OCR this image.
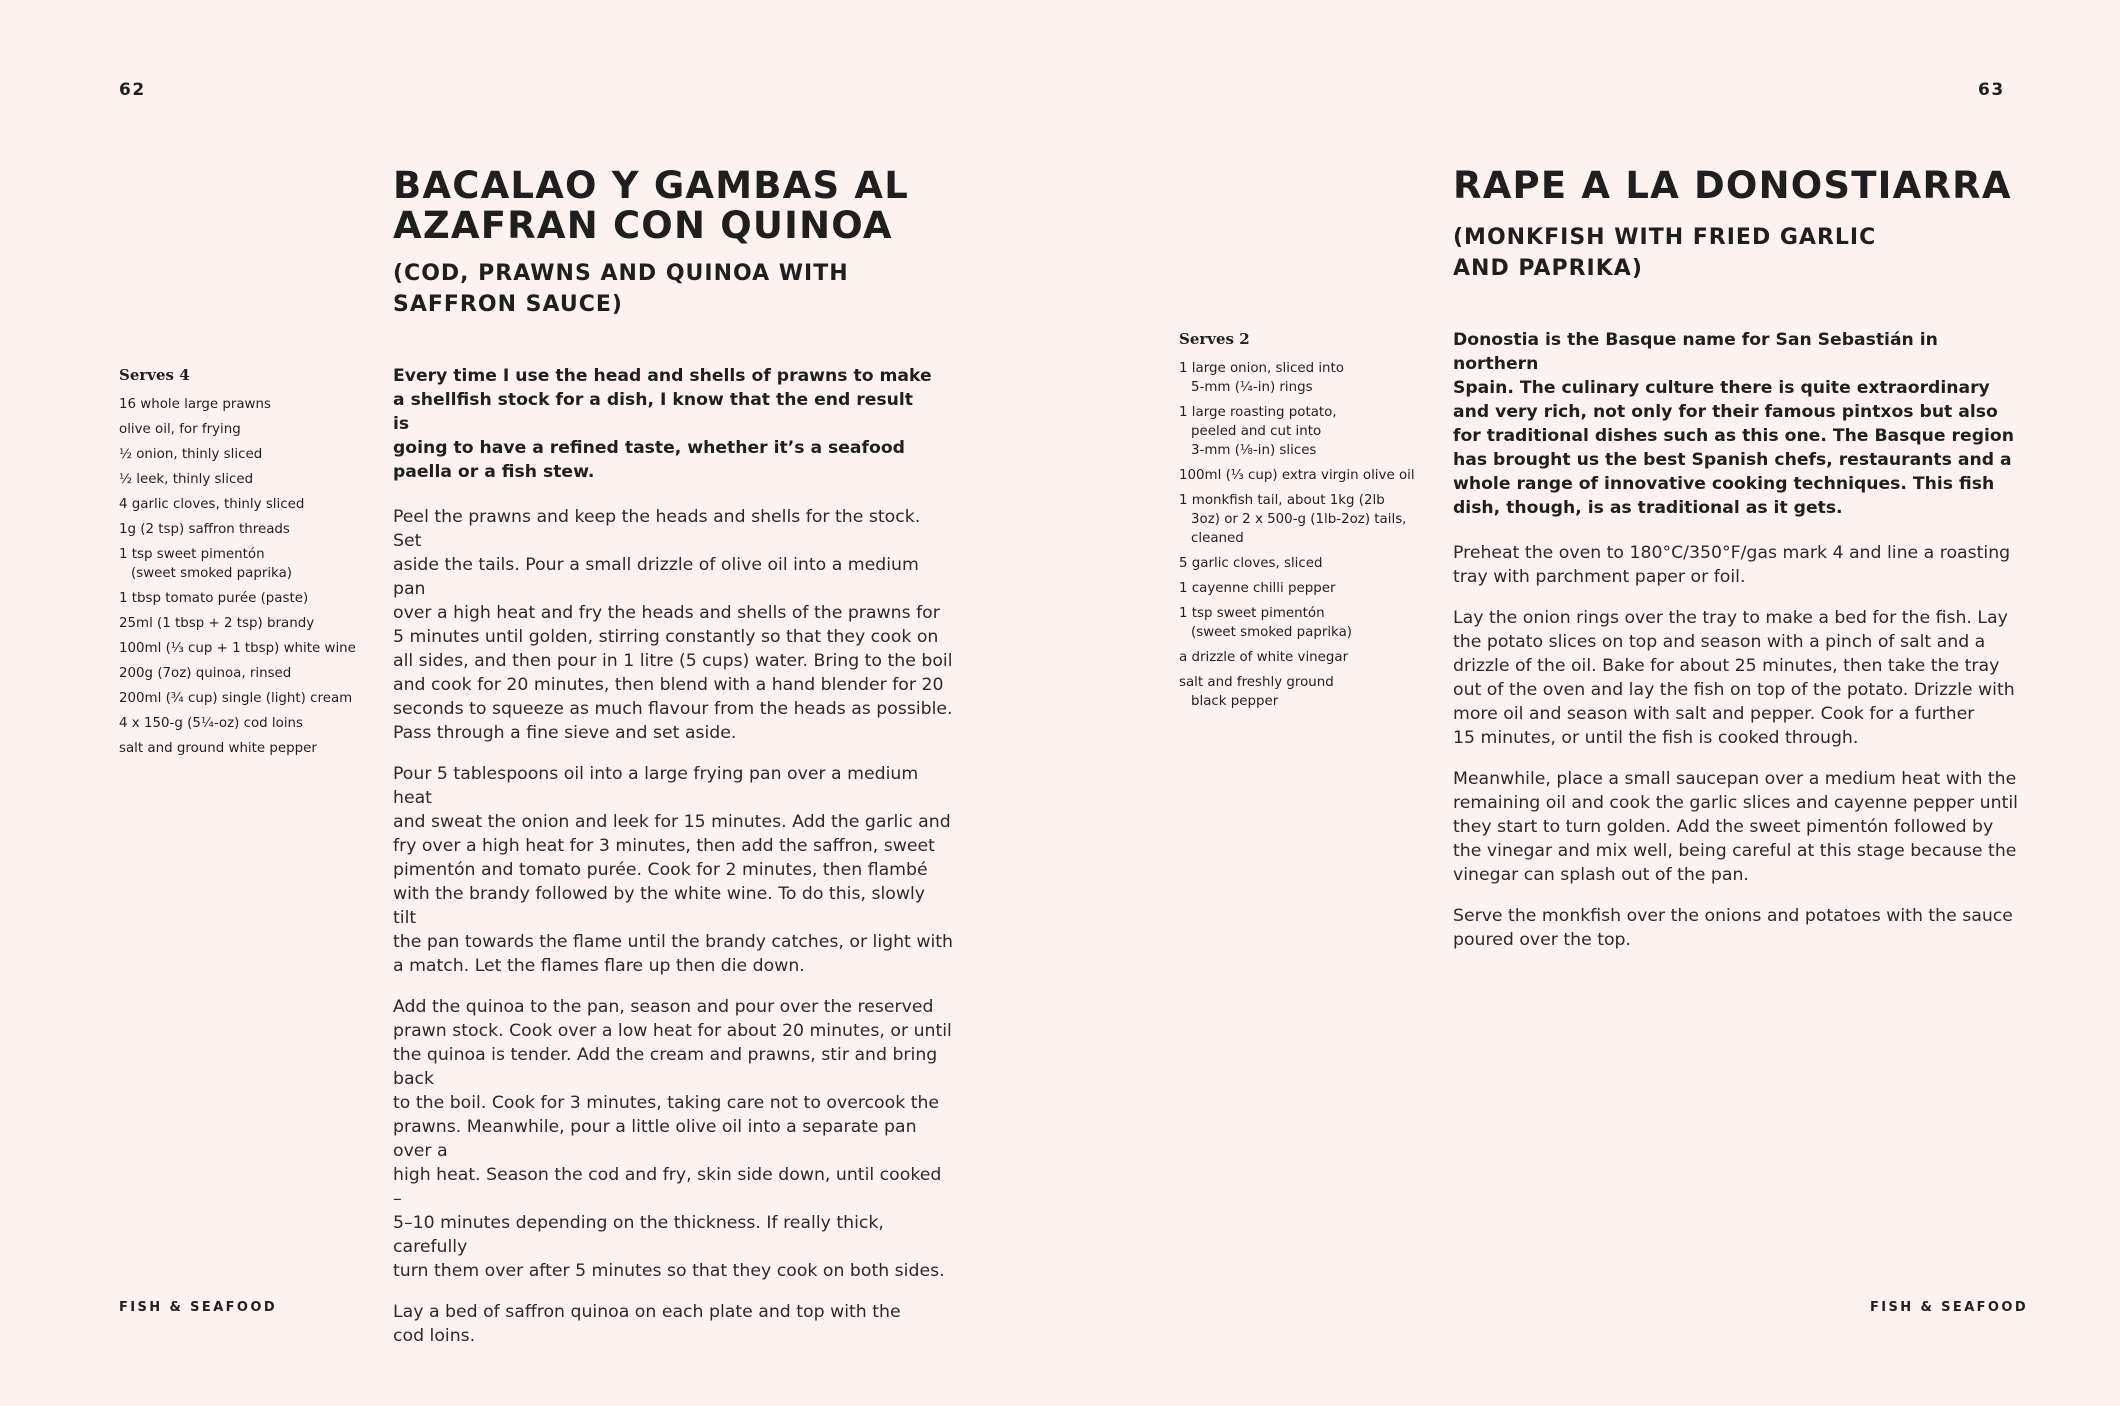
62
BACALAO Y GAMBAS AL
AZAFRAN CON QUINOA
(COD, PRAWNS AND QUINOA WITH
SAFFRON SAUCE)
Serves 4
16 whole large prawns
olive oil, for frying
½ onion, thinly sliced
½ leek, thinly sliced
4 garlic cloves, thinly sliced
1g (2 tsp) saffron threads
1 tsp sweet pimentón
(sweet smoked paprika)
1 tbsp tomato purée (paste)
25ml (1 tbsp + 2 tsp) brandy
100ml (⅓ cup + 1 tbsp) white wine
200g (7oz) quinoa, rinsed
200ml (¾ cup) single (light) cream
4 x 150-g (5¼-oz) cod loins
salt and ground white pepper

Every time I use the head and shells of prawns to make
a shellfish stock for a dish, I know that the end result is
going to have a refined taste, whether it’s a seafood
paella or a fish stew.

Peel the prawns and keep the heads and shells for the stock. Set
aside the tails. Pour a small drizzle of olive oil into a medium pan
over a high heat and fry the heads and shells of the prawns for
5 minutes until golden, stirring constantly so that they cook on
all sides, and then pour in 1 litre (5 cups) water. Bring to the boil
and cook for 20 minutes, then blend with a hand blender for 20
seconds to squeeze as much flavour from the heads as possible.
Pass through a fine sieve and set aside.

Pour 5 tablespoons oil into a large frying pan over a medium heat
and sweat the onion and leek for 15 minutes. Add the garlic and
fry over a high heat for 3 minutes, then add the saffron, sweet
pimentón and tomato purée. Cook for 2 minutes, then flambé
with the brandy followed by the white wine. To do this, slowly tilt
the pan towards the flame until the brandy catches, or light with
a match. Let the flames flare up then die down.

Add the quinoa to the pan, season and pour over the reserved
prawn stock. Cook over a low heat for about 20 minutes, or until
the quinoa is tender. Add the cream and prawns, stir and bring back
to the boil. Cook for 3 minutes, taking care not to overcook the
prawns. Meanwhile, pour a little olive oil into a separate pan over a
high heat. Season the cod and fry, skin side down, until cooked –
5–10 minutes depending on the thickness. If really thick, carefully
turn them over after 5 minutes so that they cook on both sides.

Lay a bed of saffron quinoa on each plate and top with the
cod loins.

FISH & SEAFOOD
63
RAPE A LA DONOSTIARRA
(MONKFISH WITH FRIED GARLIC
AND PAPRIKA)
Serves 2
1 large onion, sliced into
5-mm (¼-in) rings
1 large roasting potato,
peeled and cut into
3-mm (⅛-in) slices
100ml (⅓ cup) extra virgin olive oil
1 monkfish tail, about 1kg (2lb
3oz) or 2 x 500-g (1lb-2oz) tails,
cleaned
5 garlic cloves, sliced
1 cayenne chilli pepper
1 tsp sweet pimentón
(sweet smoked paprika)
a drizzle of white vinegar
salt and freshly ground
black pepper

Donostia is the Basque name for San Sebastián in northern
Spain. The culinary culture there is quite extraordinary
and very rich, not only for their famous pintxos but also
for traditional dishes such as this one. The Basque region
has brought us the best Spanish chefs, restaurants and a
whole range of innovative cooking techniques. This fish
dish, though, is as traditional as it gets.

Preheat the oven to 180°C/350°F/gas mark 4 and line a roasting
tray with parchment paper or foil.

Lay the onion rings over the tray to make a bed for the fish. Lay
the potato slices on top and season with a pinch of salt and a
drizzle of the oil. Bake for about 25 minutes, then take the tray
out of the oven and lay the fish on top of the potato. Drizzle with
more oil and season with salt and pepper. Cook for a further
15 minutes, or until the fish is cooked through.

Meanwhile, place a small saucepan over a medium heat with the
remaining oil and cook the garlic slices and cayenne pepper until
they start to turn golden. Add the sweet pimentón followed by
the vinegar and mix well, being careful at this stage because the
vinegar can splash out of the pan.

Serve the monkfish over the onions and potatoes with the sauce
poured over the top.

FISH & SEAFOOD
